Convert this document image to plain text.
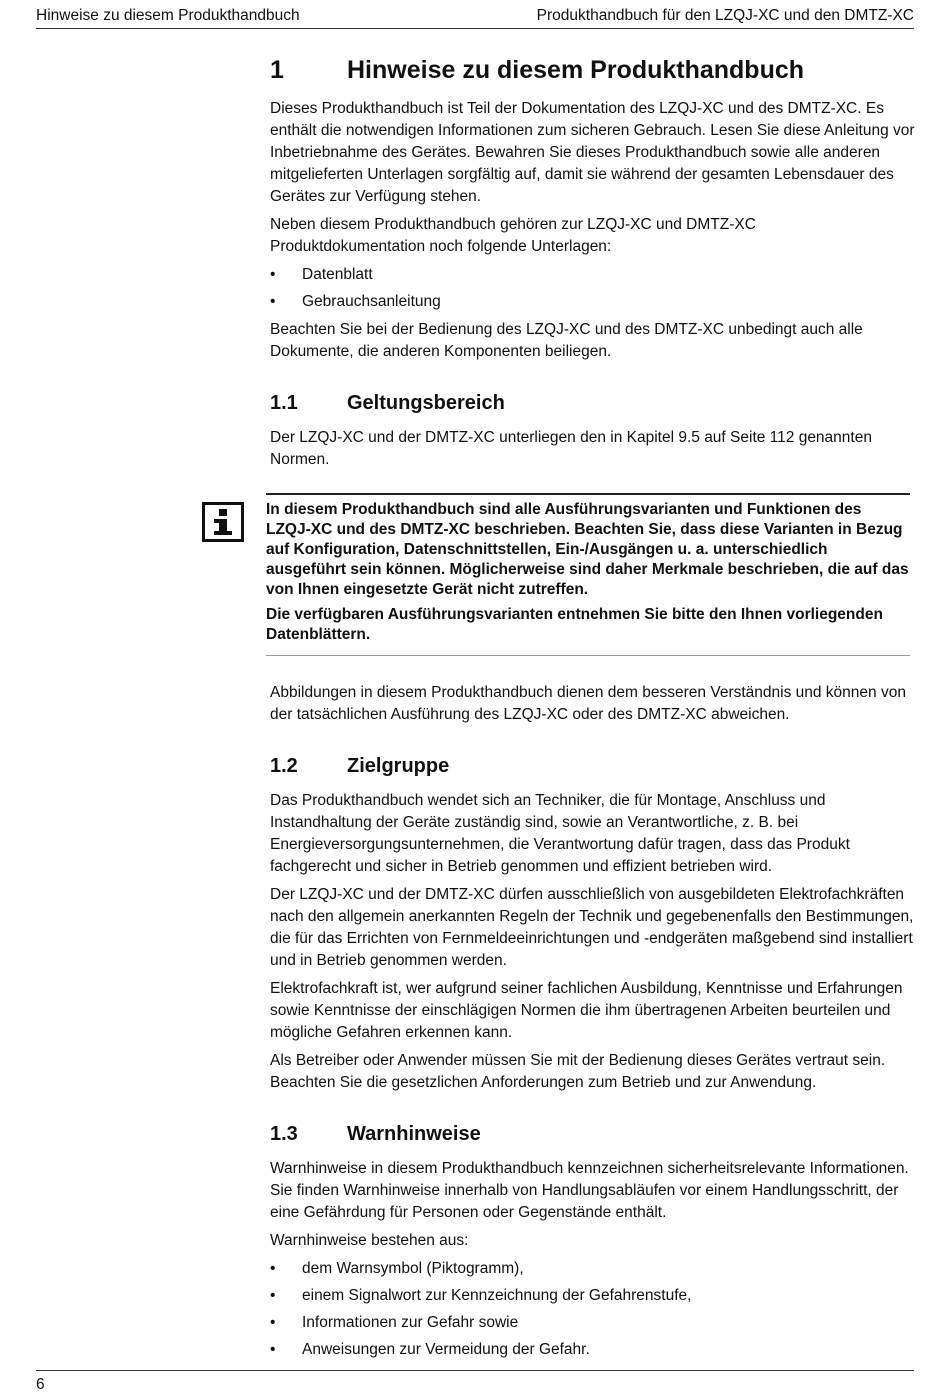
Hinweise zu diesem Produkthandbuch	Produkthandbuch für den LZQJ-XC und den DMTZ-XC
1	Hinweise zu diesem Produkthandbuch

Dieses Produkthandbuch ist Teil der Dokumentation des LZQJ-XC und des DMTZ-XC. Es enthält die notwendigen Informationen zum sicheren Gebrauch. Lesen Sie diese Anleitung vor Inbetriebnahme des Gerätes. Bewahren Sie dieses Produkthandbuch sowie alle anderen mitgelieferten Unterlagen sorgfältig auf, damit sie während der gesamten Lebensdauer des Gerätes zur Verfügung stehen.

Neben diesem Produkthandbuch gehören zur LZQJ-XC und DMTZ-XC Produktdokumentation noch folgende Unterlagen:

• Datenblatt
• Gebrauchsanleitung

Beachten Sie bei der Bedienung des LZQJ-XC und des DMTZ-XC unbedingt auch alle Dokumente, die anderen Komponenten beiliegen.

1.1	Geltungsbereich

Der LZQJ-XC und der DMTZ-XC unterliegen den in Kapitel 9.5 auf Seite 112 genannten Normen.

In diesem Produkthandbuch sind alle Ausführungsvarianten und Funktionen des LZQJ-XC und des DMTZ-XC beschrieben. Beachten Sie, dass diese Varianten in Bezug auf Konfiguration, Datenschnittstellen, Ein-/Ausgängen u. a. unterschiedlich ausgeführt sein können. Möglicherweise sind daher Merkmale beschrieben, die auf das von Ihnen eingesetzte Gerät nicht zutreffen.

Die verfügbaren Ausführungsvarianten entnehmen Sie bitte den Ihnen vorliegenden Datenblättern.

Abbildungen in diesem Produkthandbuch dienen dem besseren Verständnis und können von der tatsächlichen Ausführung des LZQJ-XC oder des DMTZ-XC abweichen.

1.2	Zielgruppe

Das Produkthandbuch wendet sich an Techniker, die für Montage, Anschluss und Instandhaltung der Geräte zuständig sind, sowie an Verantwortliche, z. B. bei Energieversorgungsunternehmen, die Verantwortung dafür tragen, dass das Produkt fachgerecht und sicher in Betrieb genommen und effizient betrieben wird.

Der LZQJ-XC und der DMTZ-XC dürfen ausschließlich von ausgebildeten Elektrofachkräften nach den allgemein anerkannten Regeln der Technik und gegebenenfalls den Bestimmungen, die für das Errichten von Fernmeldeeinrichtungen und -endgeräten maßgebend sind installiert und in Betrieb genommen werden.

Elektrofachkraft ist, wer aufgrund seiner fachlichen Ausbildung, Kenntnisse und Erfahrungen sowie Kenntnisse der einschlägigen Normen die ihm übertragenen Arbeiten beurteilen und mögliche Gefahren erkennen kann.

Als Betreiber oder Anwender müssen Sie mit der Bedienung dieses Gerätes vertraut sein. Beachten Sie die gesetzlichen Anforderungen zum Betrieb und zur Anwendung.

1.3	Warnhinweise

Warnhinweise in diesem Produkthandbuch kennzeichnen sicherheitsrelevante Informationen. Sie finden Warnhinweise innerhalb von Handlungsabläufen vor einem Handlungsschritt, der eine Gefährdung für Personen oder Gegenstände enthält.

Warnhinweise bestehen aus:

• dem Warnsymbol (Piktogramm),
• einem Signalwort zur Kennzeichnung der Gefahrenstufe,
• Informationen zur Gefahr sowie
• Anweisungen zur Vermeidung der Gefahr.
6
